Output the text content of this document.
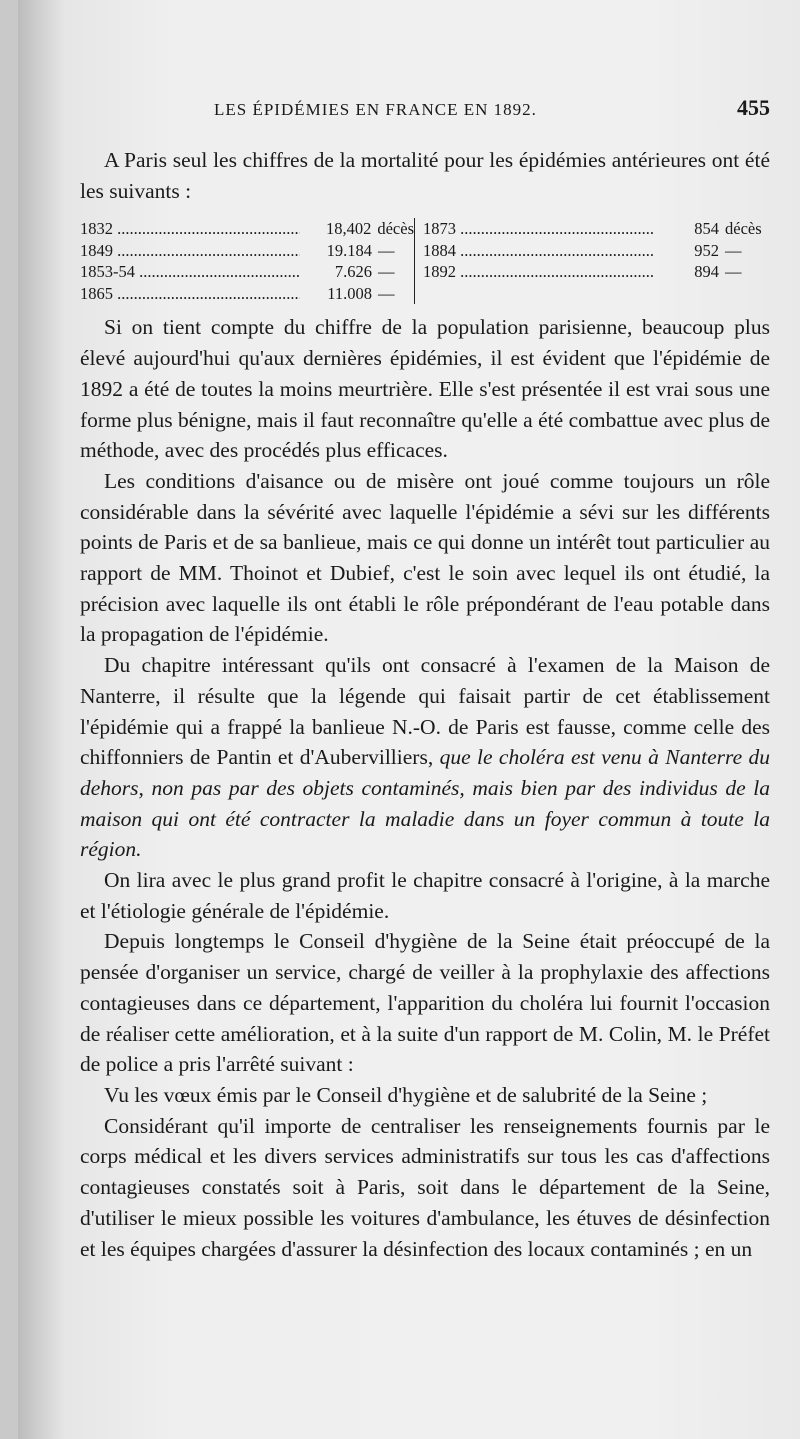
LES ÉPIDÉMIES EN FRANCE EN 1892.	455

A Paris seul les chiffres de la mortalité pour les épidémies antérieures ont été les suivants :

1832 .....	18,402 décès
1849 .....	19.184 —
1853-54 .....	7.626 —
1865 .....	11.008 —
1873 .....	854 décès
1884 .....	952 —
1892 .....	894 —

Si on tient compte du chiffre de la population parisienne, beaucoup plus élevé aujourd'hui qu'aux dernières épidémies, il est évident que l'épidémie de 1892 a été de toutes la moins meurtrière. Elle s'est présentée il est vrai sous une forme plus bénigne, mais il faut reconnaître qu'elle a été combattue avec plus de méthode, avec des procédés plus efficaces.

Les conditions d'aisance ou de misère ont joué comme toujours un rôle considérable dans la sévérité avec laquelle l'épidémie a sévi sur les différents points de Paris et de sa banlieue, mais ce qui donne un intérêt tout particulier au rapport de MM. Thoinot et Dubief, c'est le soin avec lequel ils ont étudié, la précision avec laquelle ils ont établi le rôle prépondérant de l'eau potable dans la propagation de l'épidémie.

Du chapitre intéressant qu'ils ont consacré à l'examen de la Maison de Nanterre, il résulte que la légende qui faisait partir de cet établissement l'épidémie qui a frappé la banlieue N.-O. de Paris est fausse, comme celle des chiffonniers de Pantin et d'Aubervilliers, que le choléra est venu à Nanterre du dehors, non pas par des objets contaminés, mais bien par des individus de la maison qui ont été contracter la maladie dans un foyer commun à toute la région.

On lira avec le plus grand profit le chapitre consacré à l'origine, à la marche et l'étiologie générale de l'épidémie.

Depuis longtemps le Conseil d'hygiène de la Seine était préoccupé de la pensée d'organiser un service, chargé de veiller à la prophylaxie des affections contagieuses dans ce département, l'apparition du choléra lui fournit l'occasion de réaliser cette amélioration, et à la suite d'un rapport de M. Colin, M. le Préfet de police a pris l'arrêté suivant :

Vu les vœux émis par le Conseil d'hygiène et de salubrité de la Seine ;

Considérant qu'il importe de centraliser les renseignements fournis par le corps médical et les divers services administratifs sur tous les cas d'affections contagieuses constatés soit à Paris, soit dans le département de la Seine, d'utiliser le mieux possible les voitures d'ambulance, les étuves de désinfection et les équipes chargées d'assurer la désinfection des locaux contaminés ; en un
